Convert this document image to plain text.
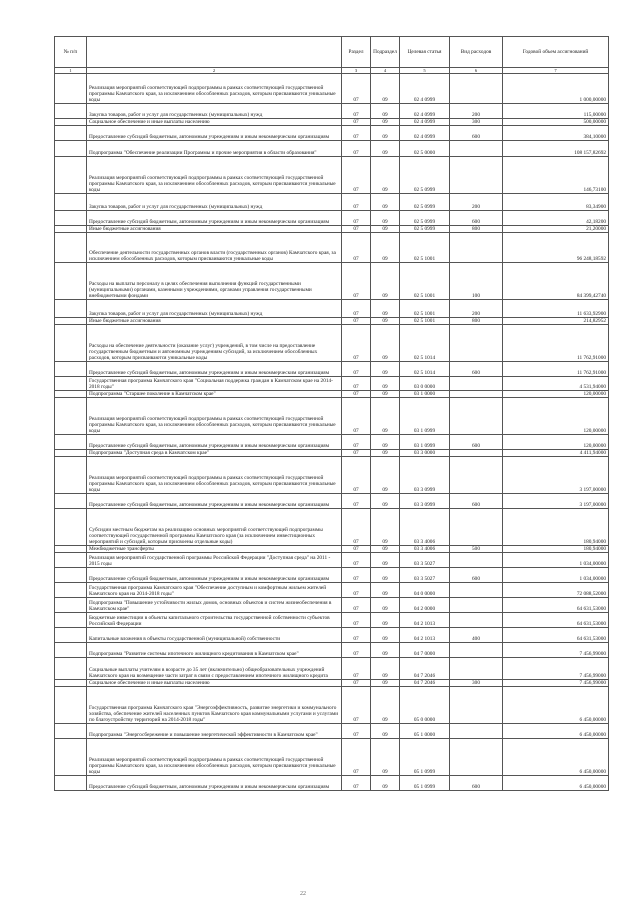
№ п/п		Раздел	Подраздел	Целевая статья	Вид расходов	Годовой объем ассигнований
1	2	3	4	5	6	7
	Реализация мероприятий соответствующей подпрограммы в рамках соответствующей государственной программы Камчатского края, за исключением обособленных расходов, которым присваиваются уникальные коды	07	09	02 4 0999		1 000,00000
	Закупка товаров, работ и услуг для государственных (муниципальных) нужд	07	09	02 4 0999	200	115,00000
	Социальное обеспечение и иные выплаты населению	07	09	02 4 0999	300	500,00000
	Предоставление субсидий бюджетным, автономным учреждениям и иным некоммерческим организациям	07	09	02 4 0999	600	384,10000
	Подпрограмма "Обеспечение реализации Программы и прочие мероприятия в области образования"	07	09	02 5 0000		108 157,82692
	Реализация мероприятий соответствующей подпрограммы в рамках соответствующей государственной программы Камчатского края, за исключением обособленных расходов, которым присваиваются уникальные коды	07	09	02 5 0999		146,73100
	Закупка товаров, работ и услуг для государственных (муниципальных) нужд	07	09	02 5 0999	200	83,34900
	Предоставление субсидий бюджетным, автономным учреждениям и иным некоммерческим организациям	07	09	02 5 0999	600	42,18200
	Иные бюджетные ассигнования	07	09	02 5 0999	800	21,20000
	Обеспечение деятельности государственных органов власти (государственных органов) Камчатского края, за исключением обособленных расходов, которым присваиваются уникальные коды	07	09	02 5 1001		96 248,18592
	Расходы на выплаты персоналу в целях обеспечения выполнения функций государственными (муниципальными) органами, казенными учреждениями, органами управления государственными внебюджетными фондами	07	09	02 5 1001	100	84 399,42740
	Закупка товаров, работ и услуг для государственных (муниципальных) нужд	07	09	02 5 1001	200	11 633,92900
	Иные бюджетные ассигнования	07	09	02 5 1001	800	214,82952
	Расходы на обеспечение деятельности (оказание услуг) учреждений, в том числе на предоставление государственным бюджетным и автономным учреждениям субсидий, за исключением обособленных расходов, которым присваиваются уникальные коды	07	09	02 5 1014		11 762,91000
	Предоставление субсидий бюджетным, автономным учреждениям и иным некоммерческим организациям	07	09	02 5 1014	600	11 762,91000
	Государственная программа Камчатского края "Социальная поддержка граждан в Камчатском крае на 2014-2018 годы"	07	09	03 0 0000		4 531,94000
	Подпрограмма "Старшее поколение в Камчатском крае"	07	09	03 1 0000		120,00000
	Реализация мероприятий соответствующей подпрограммы в рамках соответствующей государственной программы Камчатского края, за исключением обособленных расходов, которым присваиваются уникальные коды	07	09	03 1 0999		120,00000
	Предоставление субсидий бюджетным, автономным учреждениям и иным некоммерческим организациям	07	09	03 1 0999	600	120,00000
	Подпрограмма "Доступная среда в Камчатском крае"	07	09	03 3 0000		4 411,94000
	Реализация мероприятий соответствующей подпрограммы в рамках соответствующей государственной программы Камчатского края, за исключением обособленных расходов, которым присваиваются уникальные коды	07	09	03 3 0999		3 197,00000
	Предоставление субсидий бюджетным, автономным учреждениям и иным некоммерческим организациям	07	09	03 3 0999	600	3 197,00000
	Субсидии местным бюджетам на реализацию основных мероприятий соответствующей подпрограммы соответствующей государственной программы Камчатского края (за исключением инвестиционных мероприятий и субсидий, которым присвоены отдельные коды)	07	09	03 3 4006		180,94000
	Межбюджетные трансферты	07	09	03 3 4006	500	180,94000
	Реализация мероприятий государственной программы Российской Федерации "Доступная среда" на 2011 - 2015 годы	07	09	03 3 5027		1 034,00000
	Предоставление субсидий бюджетным, автономным учреждениям и иным некоммерческим организациям	07	09	03 3 5027	600	1 034,00000
	Государственная программа Камчатского края "Обеспечение доступным и комфортным жильем жителей Камчатского края на 2014-2018 годы"	07	09	04 0 0000		72 088,52000
	Подпрограмма "Повышение устойчивости жилых домов, основных объектов и систем жизнеобеспечения в Камчатском крае"	07	09	04 2 0000		64 631,53000
	Бюджетные инвестиции в объекты капитального строительства государственной собственности субъектов Российской Федерации	07	09	04 2 1013		64 631,53000
	Капитальные вложения в объекты государственной (муниципальной) собственности	07	09	04 2 1013	400	64 631,53000
	Подпрограмма "Развитие системы ипотечного жилищного кредитования в Камчатском крае"	07	09	04 7 0000		7 456,99000
	Социальные выплаты учителям в возрасте до 35 лет (включительно) общеобразовательных учреждений Камчатского края на возмещение части затрат в связи с предоставлением ипотечного жилищного кредита	07	09	04 7 2046		7 456,99000
	Социальное обеспечение и иные выплаты населению	07	09	04 7 2046	300	7 456,99000
	Государственная программа Камчатского края "Энергоэффективность, развитие энергетики и коммунального хозяйства, обеспечение жителей населенных пунктов Камчатского края коммунальными услугами и услугами по благоустройству территорий на 2014-2018 годы"	07	09	05 0 0000		6 450,00000
	Подпрограмма "Энергосбережение и повышение энергетической эффективности в Камчатском крае"	07	09	05 1 0000		6 450,00000
	Реализация мероприятий соответствующей подпрограммы в рамках соответствующей государственной программы Камчатского края, за исключением обособленных расходов, которым присваиваются уникальные коды	07	09	05 1 0999		6 450,00000
	Предоставление субсидий бюджетным, автономным учреждениям и иным некоммерческим организациям	07	09	05 1 0999	600	6 450,00000
22
